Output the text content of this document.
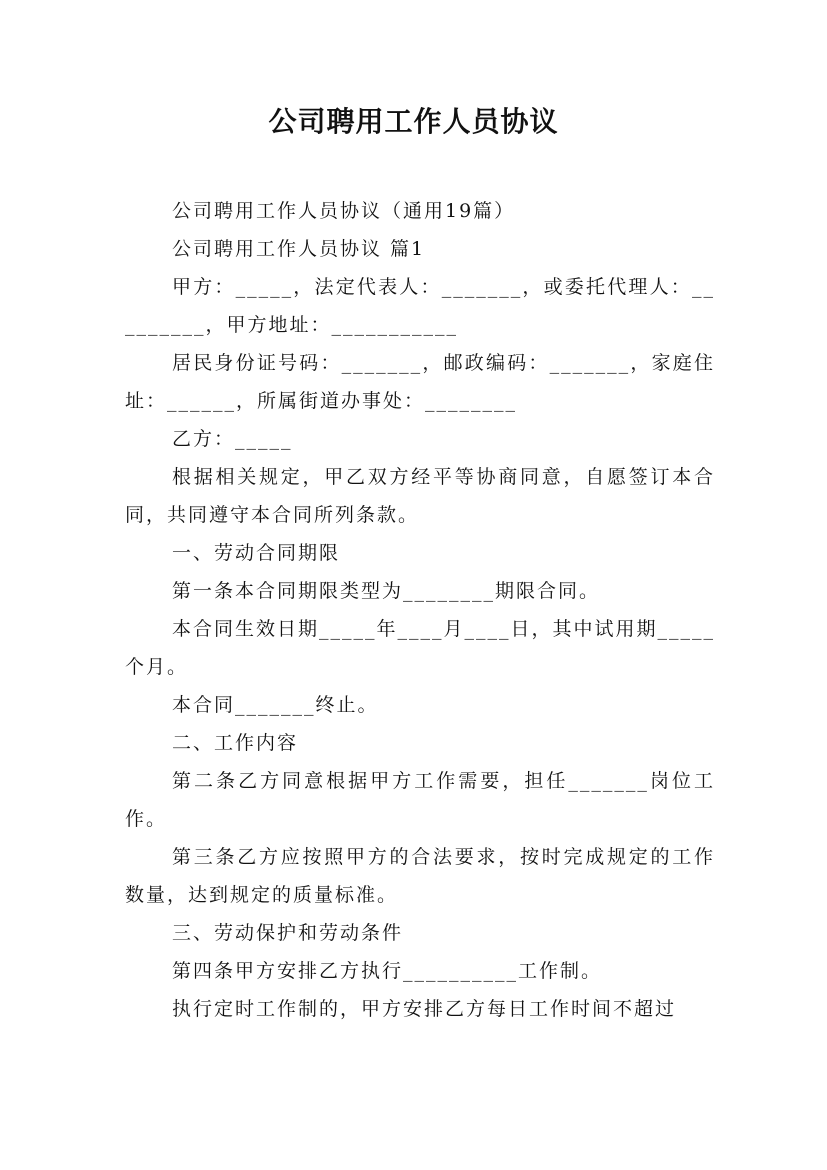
公司聘用工作人员协议

公司聘用工作人员协议（通用19篇）

公司聘用工作人员协议 篇1

甲方：_____，法定代表人：_______，或委托代理人：_________，甲方地址：___________

居民身份证号码：_______，邮政编码：_______，家庭住址：______，所属街道办事处：________

乙方：_____

根据相关规定，甲乙双方经平等协商同意，自愿签订本合同，共同遵守本合同所列条款。

一、劳动合同期限

第一条本合同期限类型为________期限合同。

本合同生效日期_____年____月____日，其中试用期_____个月。

本合同_______终止。

二、工作内容

第二条乙方同意根据甲方工作需要，担任_______岗位工作。

第三条乙方应按照甲方的合法要求，按时完成规定的工作数量，达到规定的质量标准。

三、劳动保护和劳动条件

第四条甲方安排乙方执行__________工作制。

执行定时工作制的，甲方安排乙方每日工作时间不超过
